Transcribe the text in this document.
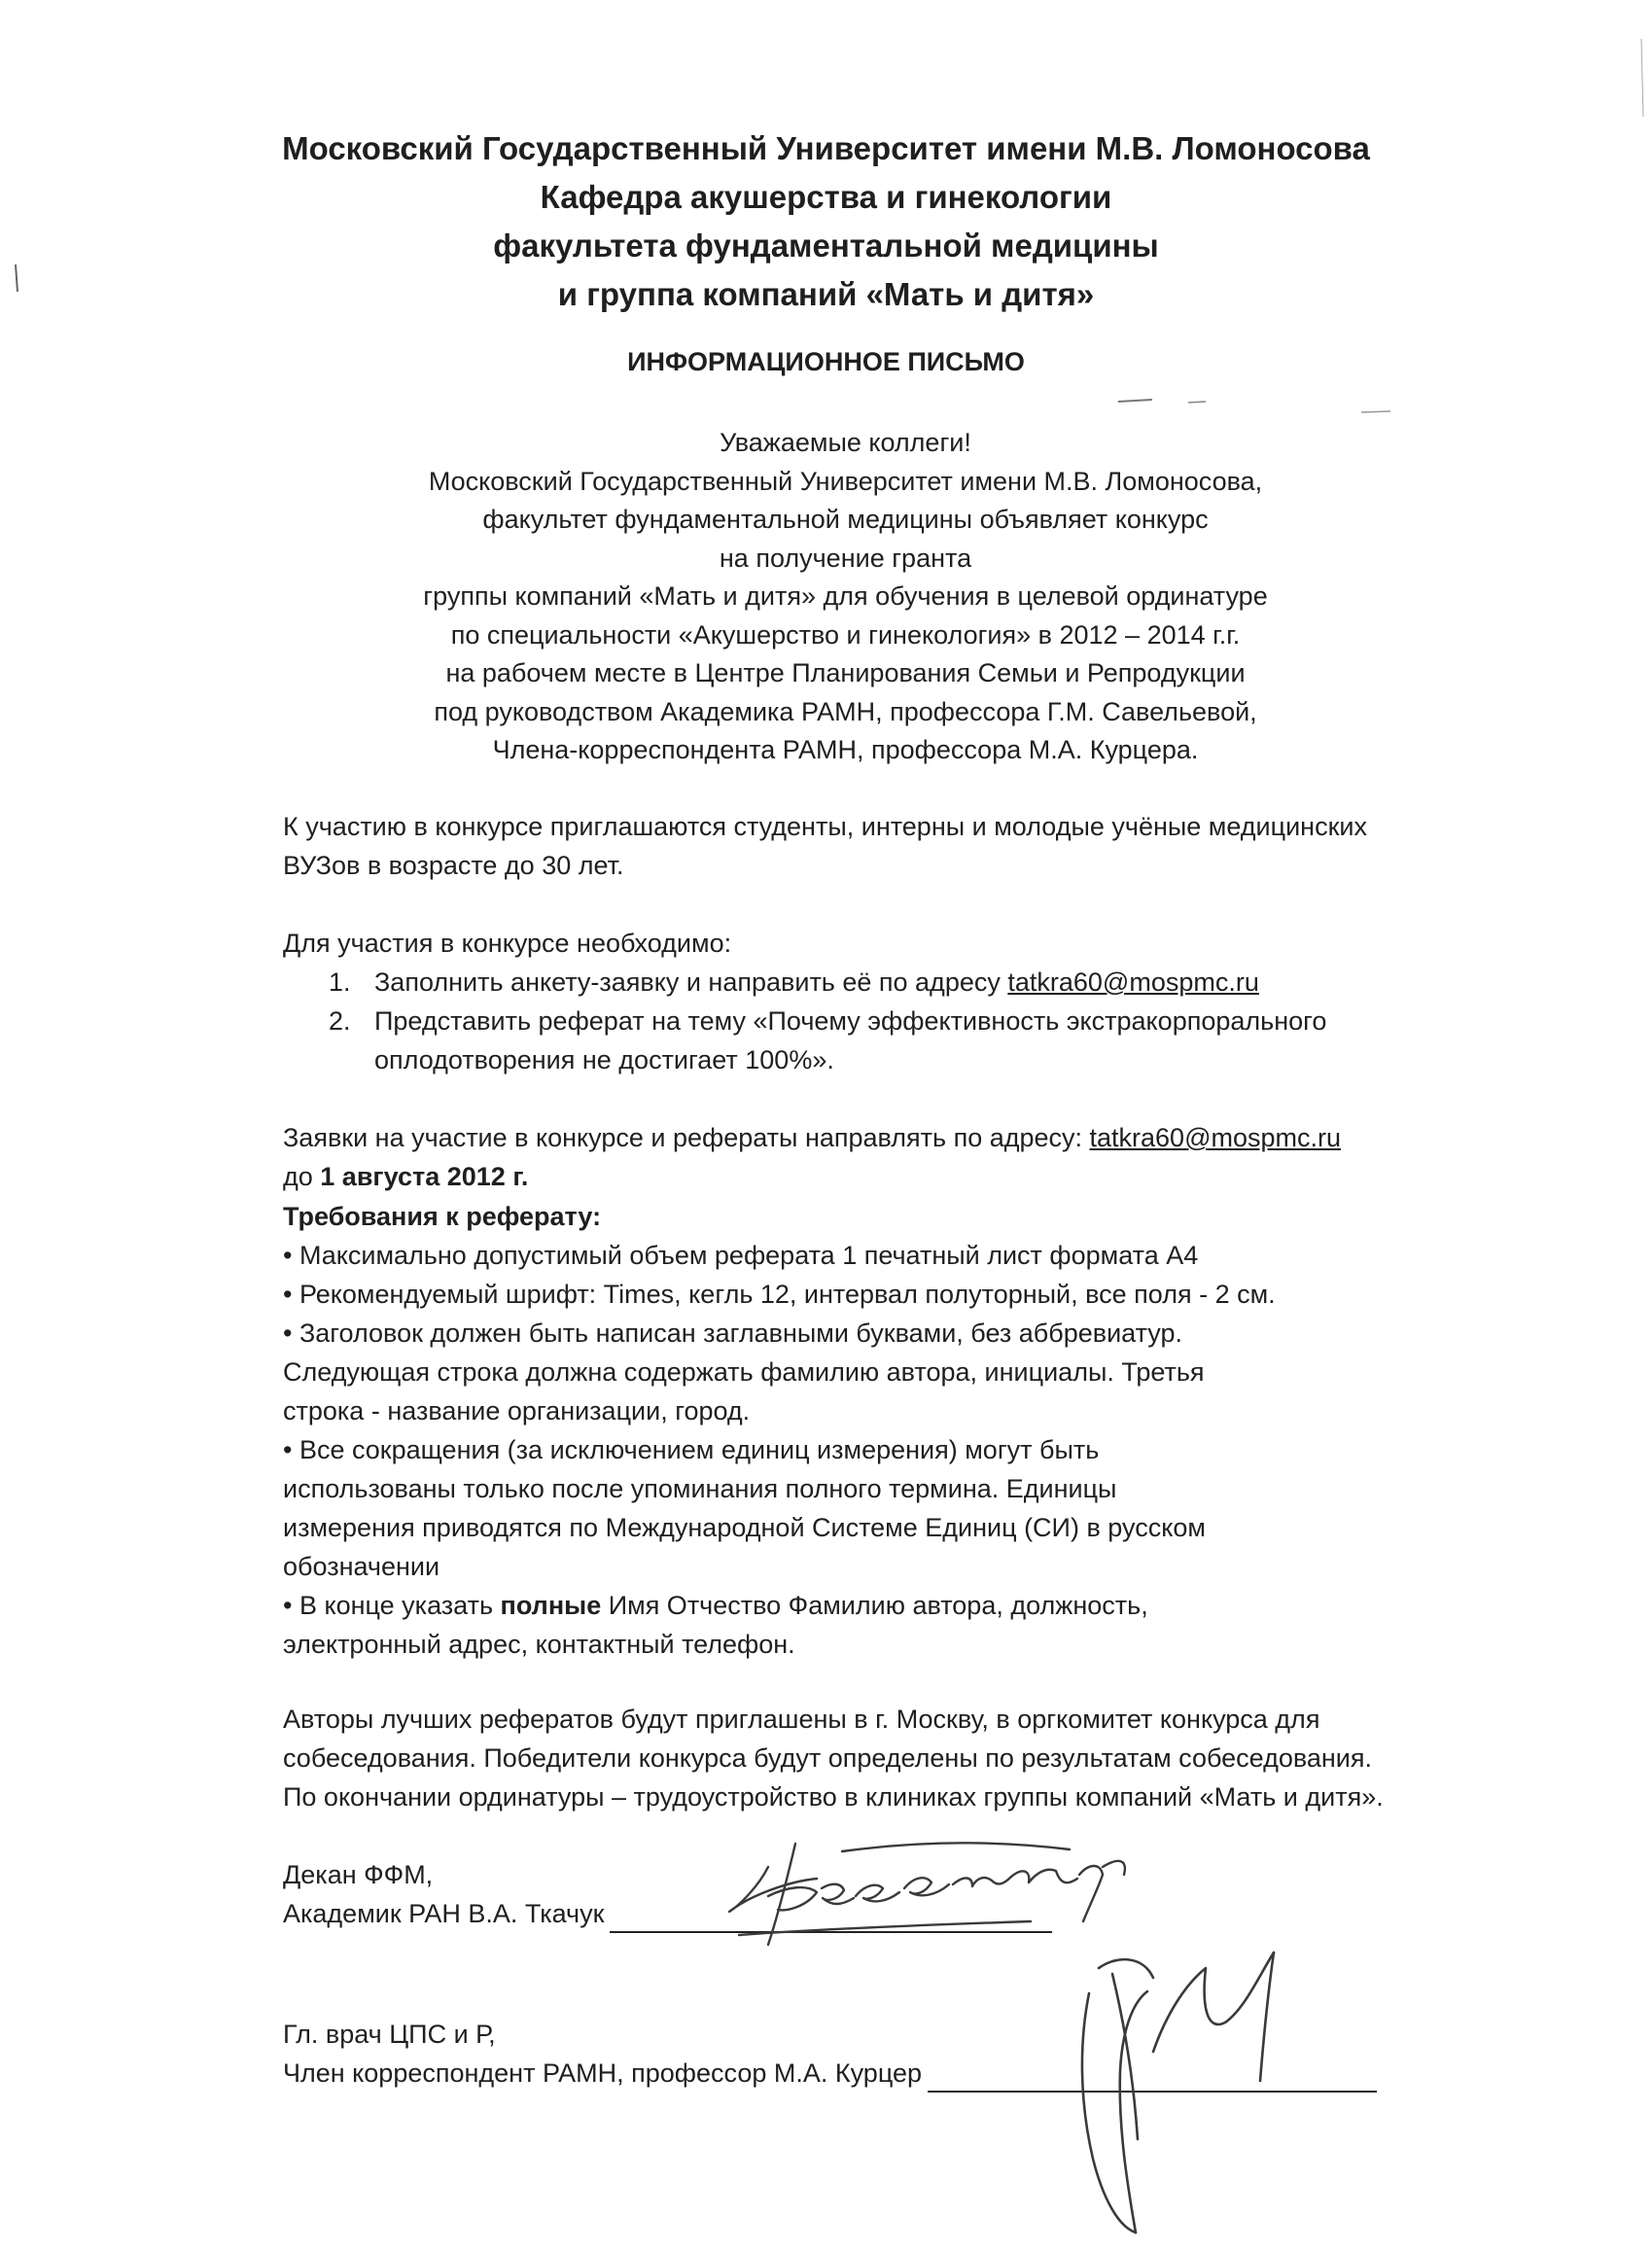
Московский Государственный Университет имени М.В. Ломоносова
Кафедра акушерства и гинекологии
факультета фундаментальной медицины
и группа компаний «Мать и дитя»
ИНФОРМАЦИОННОЕ ПИСЬМО
Уважаемые коллеги!
Московский Государственный Университет имени М.В. Ломоносова,
факультет фундаментальной медицины объявляет конкурс
на получение гранта
группы компаний «Мать и дитя» для обучения в целевой ординатуре
по специальности «Акушерство и гинекология» в 2012 – 2014 г.г.
на рабочем месте в Центре Планирования Семьи и Репродукции
под руководством Академика РАМН, профессора Г.М. Савельевой,
Члена-корреспондента РАМН, профессора М.А. Курцера.
К участию в конкурсе приглашаются студенты, интерны и молодые учёные медицинских
ВУЗов в возрасте до 30 лет.
Для участия в конкурсе необходимо:
1. Заполнить анкету-заявку и направить её по адресу tatkra60@mospmc.ru
2. Представить реферат на тему «Почему эффективность экстракорпорального
оплодотворения не достигает 100%».
Заявки на участие в конкурсе и рефераты направлять по адресу: tatkra60@mospmc.ru
до 1 августа 2012 г.
Требования к реферату:
• Максимально допустимый объем реферата 1 печатный лист формата А4
• Рекомендуемый шрифт: Times, кегль 12, интервал полуторный, все поля - 2 см.
• Заголовок должен быть написан заглавными буквами, без аббревиатур.
Следующая строка должна содержать фамилию автора, инициалы. Третья
строка - название организации, город.
• Все сокращения (за исключением единиц измерения) могут быть
использованы только после упоминания полного термина. Единицы
измерения приводятся по Международной Системе Единиц (СИ) в русском
обозначении
• В конце указать полные Имя Отчество Фамилию автора, должность,
электронный адрес, контактный телефон.
Авторы лучших рефератов будут приглашены в г. Москву, в оргкомитет конкурса для
собеседования. Победители конкурса будут определены по результатам собеседования.
По окончании ординатуры – трудоустройство в клиниках группы компаний «Мать и дитя».
Декан ФФМ,
Академик РАН В.А. Ткачук
Гл. врач ЦПС и Р,
Член корреспондент РАМН, профессор М.А. Курцер
